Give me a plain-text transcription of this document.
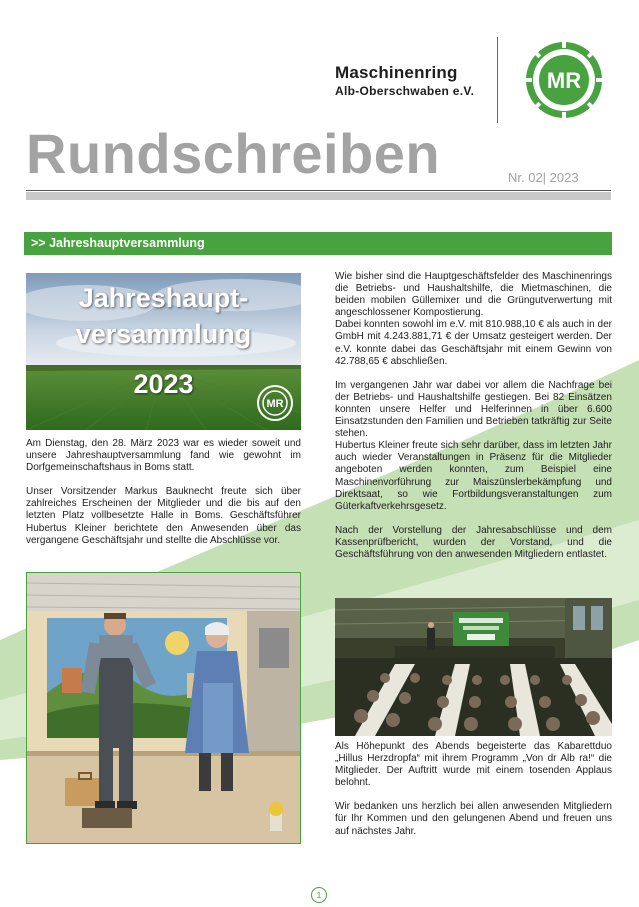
Maschinenring
Alb-Oberschwaben e.V.	MR
Rundschreiben	Nr. 02| 2023
>> Jahreshauptversammlung
Jahreshaupt-
versammlung
2023
MR

Am Dienstag, den 28. März 2023 war es wieder soweit und unsere Jahreshauptversammlung fand wie gewohnt im Dorfgemeinschaftshaus in Boms statt.

Unser Vorsitzender Markus Bauknecht freute sich über zahlreiches Erscheinen der Mitglieder und die bis auf den letzten Platz vollbesetzte Halle in Boms. Geschäftsführer Hubertus Kleiner berichtete den Anwesenden über das vergangene Geschäftsjahr und stellte die Abschlüsse vor.

Wie bisher sind die Hauptgeschäftsfelder des Maschinenrings die Betriebs- und Haushaltshilfe, die Mietmaschinen, die beiden mobilen Güllemixer und die Grüngutverwertung mit angeschlossener Kompostierung.

Dabei konnten sowohl im e.V. mit 810.988,10 € als auch in der GmbH mit 4.243.881,71 € der Umsatz gesteigert werden. Der e.V. konnte dabei das Geschäftsjahr mit einem Gewinn von 42.788,65 € abschließen.

Im vergangenen Jahr war dabei vor allem die Nachfrage bei der Betriebs- und Haushaltshilfe gestiegen. Bei 82 Einsätzen konnten unsere Helfer und Helferinnen in über 6.600 Einsatzstunden den Familien und Betrieben tatkräftig zur Seite stehen.

Hubertus Kleiner freute sich sehr darüber, dass im letzten Jahr auch wieder Veranstaltungen in Präsenz für die Mitglieder angeboten werden konnten, zum Beispiel eine Maschinenvorführung zur Maiszünslerbekämpfung und Direktsaat, so wie Fortbildungsveranstaltungen zum Güterkaftverkehrsgesetz.

Nach der Vorstellung der Jahresabschlüsse und dem Kassenprüfbericht, wurden der Vorstand, und die Geschäftsführung von den anwesenden Mitgliedern entlastet.

Als Höhepunkt des Abends begeisterte das Kabarettduo „Hillus Herzdropfa“ mit ihrem Programm „Von dr Alb ra!“ die Mitglieder. Der Auftritt wurde mit einem tosenden Applaus belohnt.

Wir bedanken uns herzlich bei allen anwesenden Mitgliedern für Ihr Kommen und den gelungenen Abend und freuen uns auf nächstes Jahr.

1
